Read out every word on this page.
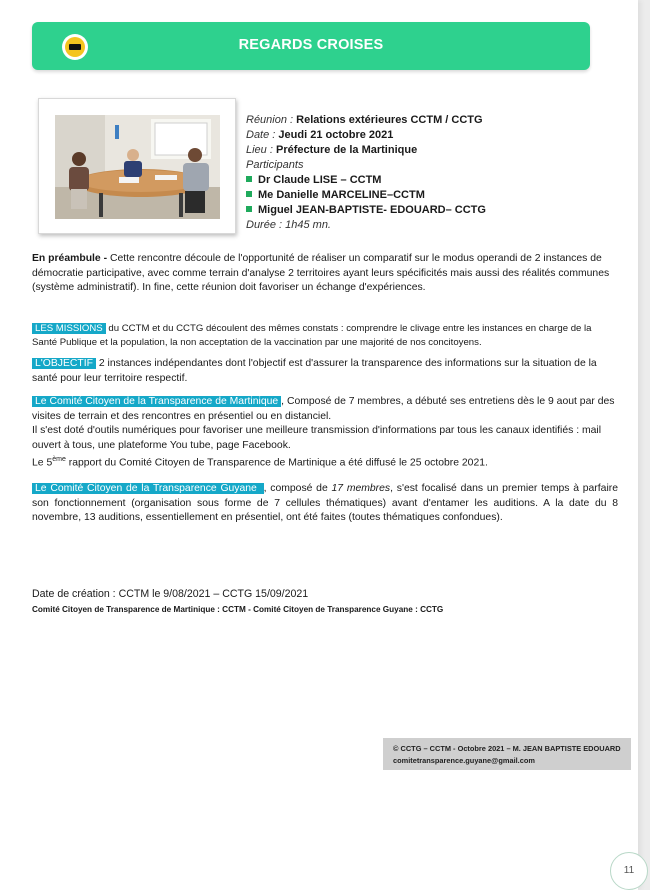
REGARDS CROISES
Réunion : Relations extérieures CCTM / CCTG
Date : Jeudi 21 octobre 2021
Lieu : Préfecture de la Martinique
Participants
Dr Claude LISE – CCTM
Me Danielle MARCELINE–CCTM
Miguel JEAN-BAPTISTE- EDOUARD– CCTG
Durée : 1h45 mn.
En préambule - Cette rencontre découle de l'opportunité de réaliser un comparatif sur le modus operandi de 2 instances de démocratie participative, avec comme terrain d'analyse 2 territoires ayant leurs spécificités mais aussi des réalités communes (système administratif). In fine, cette réunion doit favoriser un échange d'expériences.
LES MISSIONS du CCTM et du CCTG découlent des mêmes constats : comprendre le clivage entre les instances en charge de la Santé Publique et la population, la non acceptation de la vaccination par une majorité de nos concitoyens.
L'OBJECTIF 2 instances indépendantes dont l'objectif est d'assurer la transparence des informations sur la situation de la santé pour leur territoire respectif.
Le Comité Citoyen de la Transparence de Martinique , Composé de 7 membres, a débuté ses entretiens dès le 9 aout par des visites de terrain et des rencontres en présentiel ou en distanciel.
Il s'est doté d'outils numériques pour favoriser une meilleure transmission d'informations par tous les canaux identifiés : mail ouvert à tous, une plateforme You tube, page Facebook.
Le 5ème rapport du Comité Citoyen de Transparence de Martinique a été diffusé le 25 octobre 2021.
Le Comité Citoyen de la Transparence Guyane , composé de 17 membres, s'est focalisé dans un premier temps à parfaire son fonctionnement (organisation sous forme de 7 cellules thématiques) avant d'entamer les auditions. A la date du 8 novembre, 13 auditions, essentiellement en présentiel, ont été faites (toutes thématiques confondues).
Date de création : CCTM le 9/08/2021 – CCTG 15/09/2021
Comité Citoyen de Transparence de Martinique : CCTM - Comité Citoyen de Transparence Guyane : CCTG
© CCTG – CCTM - Octobre 2021 – M. JEAN BAPTISTE EDOUARD
comitetransparence.guyane@gmail.com
11
